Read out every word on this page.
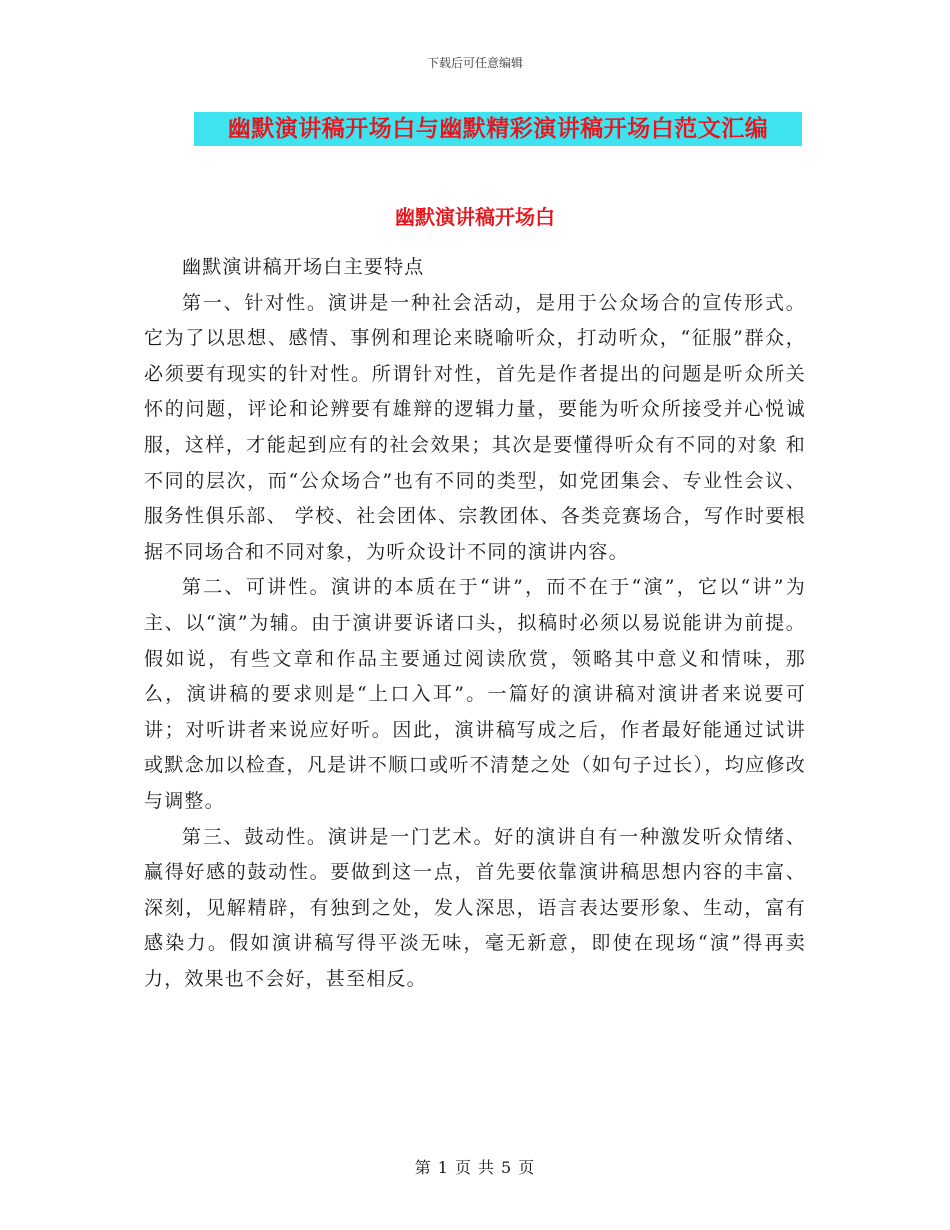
下载后可任意编辑
幽默演讲稿开场白与幽默精彩演讲稿开场白范文汇编
幽默演讲稿开场白

幽默演讲稿开场白主要特点

第一、针对性。演讲是一种社会活动，是用于公众场合的宣传形式。它为了以思想、感情、事例和理论来晓喻听众，打动听众，“征服”群众，必须要有现实的针对性。所谓针对性，首先是作者提出的问题是听众所关怀的问题，评论和论辨要有雄辩的逻辑力量，要能为听众所接受并心悦诚服，这样，才能起到应有的社会效果；其次是要懂得听众有不同的对象 和不同的层次，而“公众场合”也有不同的类型，如党团集会、专业性会议、服务性俱乐部、 学校、社会团体、宗教团体、各类竞赛场合，写作时要根据不同场合和不同对象，为听众设计不同的演讲内容。

第二、可讲性。演讲的本质在于“讲”，而不在于“演”，它以“讲”为主、以“演”为辅。由于演讲要诉诸口头，拟稿时必须以易说能讲为前提。假如说，有些文章和作品主要通过阅读欣赏，领略其中意义和情味，那么，演讲稿的要求则是“上口入耳”。一篇好的演讲稿对演讲者来说要可讲；对听讲者来说应好听。因此，演讲稿写成之后，作者最好能通过试讲或默念加以检查，凡是讲不顺口或听不清楚之处（如句子过长），均应修改与调整。

第三、鼓动性。演讲是一门艺术。好的演讲自有一种激发听众情绪、赢得好感的鼓动性。要做到这一点，首先要依靠演讲稿思想内容的丰富、深刻，见解精辟，有独到之处，发人深思，语言表达要形象、生动，富有感染力。假如演讲稿写得平淡无味，毫无新意，即使在现场“演”得再卖力，效果也不会好，甚至相反。

第 1 页 共 5 页
